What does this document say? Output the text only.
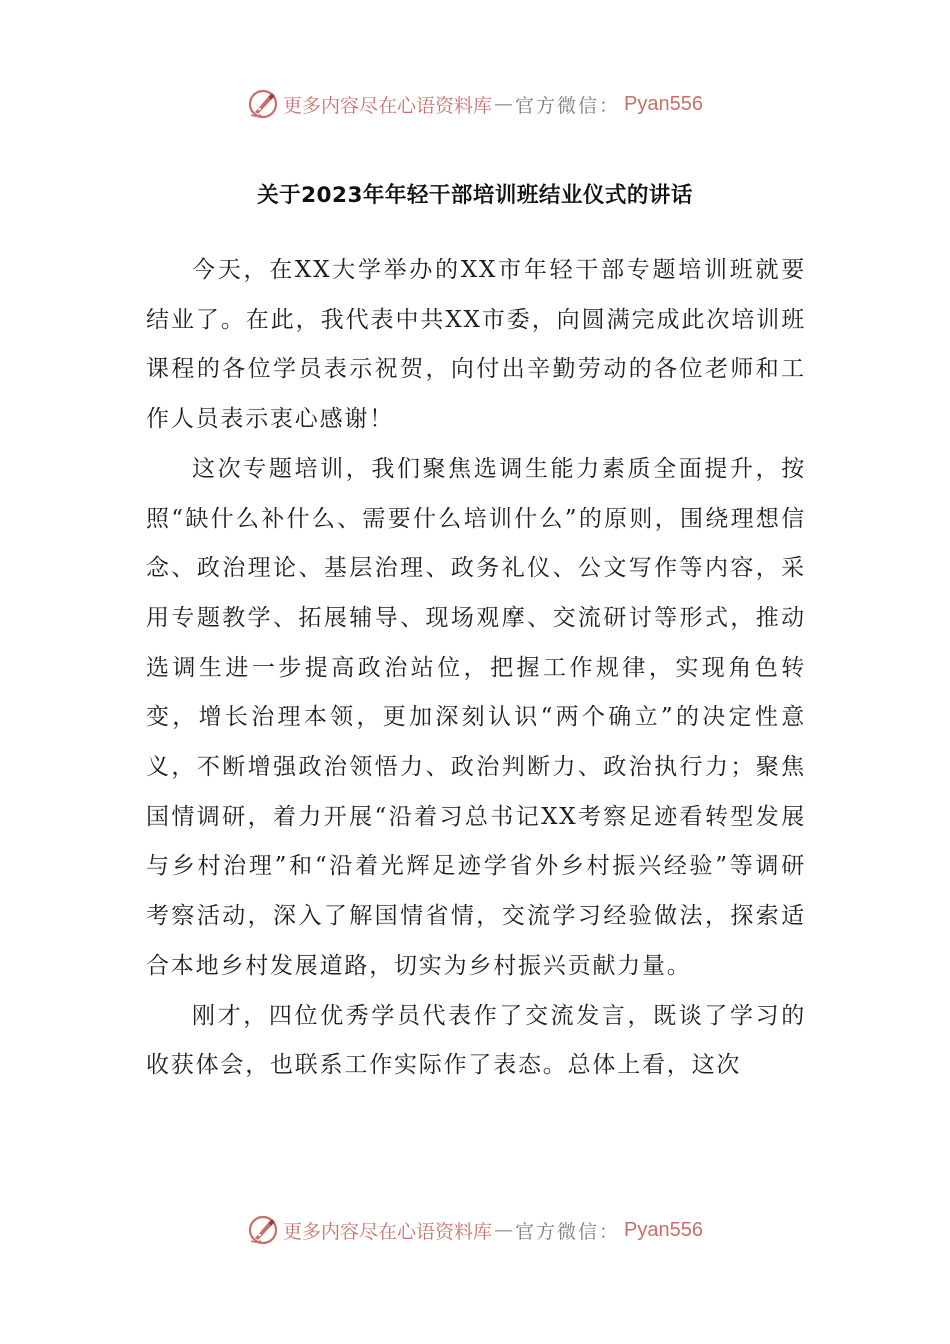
更多内容尽在心语资料库 — 官方微信： Pyan556
关于2023年年轻干部培训班结业仪式的讲话

今天，在XX大学举办的XX市年轻干部专题培训班就要结业了。在此，我代表中共XX市委，向圆满完成此次培训班课程的各位学员表示祝贺，向付出辛勤劳动的各位老师和工作人员表示衷心感谢！

这次专题培训，我们聚焦选调生能力素质全面提升，按照“缺什么补什么、需要什么培训什么”的原则，围绕理想信念、政治理论、基层治理、政务礼仪、公文写作等内容，采用专题教学、拓展辅导、现场观摩、交流研讨等形式，推动选调生进一步提高政治站位，把握工作规律，实现角色转变，增长治理本领，更加深刻认识“两个确立”的决定性意义，不断增强政治领悟力、政治判断力、政治执行力；聚焦国情调研，着力开展“沿着习总书记XX考察足迹看转型发展与乡村治理”和“沿着光辉足迹学省外乡村振兴经验”等调研考察活动，深入了解国情省情，交流学习经验做法，探索适合本地乡村发展道路，切实为乡村振兴贡献力量。

刚才，四位优秀学员代表作了交流发言，既谈了学习的收获体会，也联系工作实际作了表态。总体上看，这次

更多内容尽在心语资料库 — 官方微信： Pyan556
